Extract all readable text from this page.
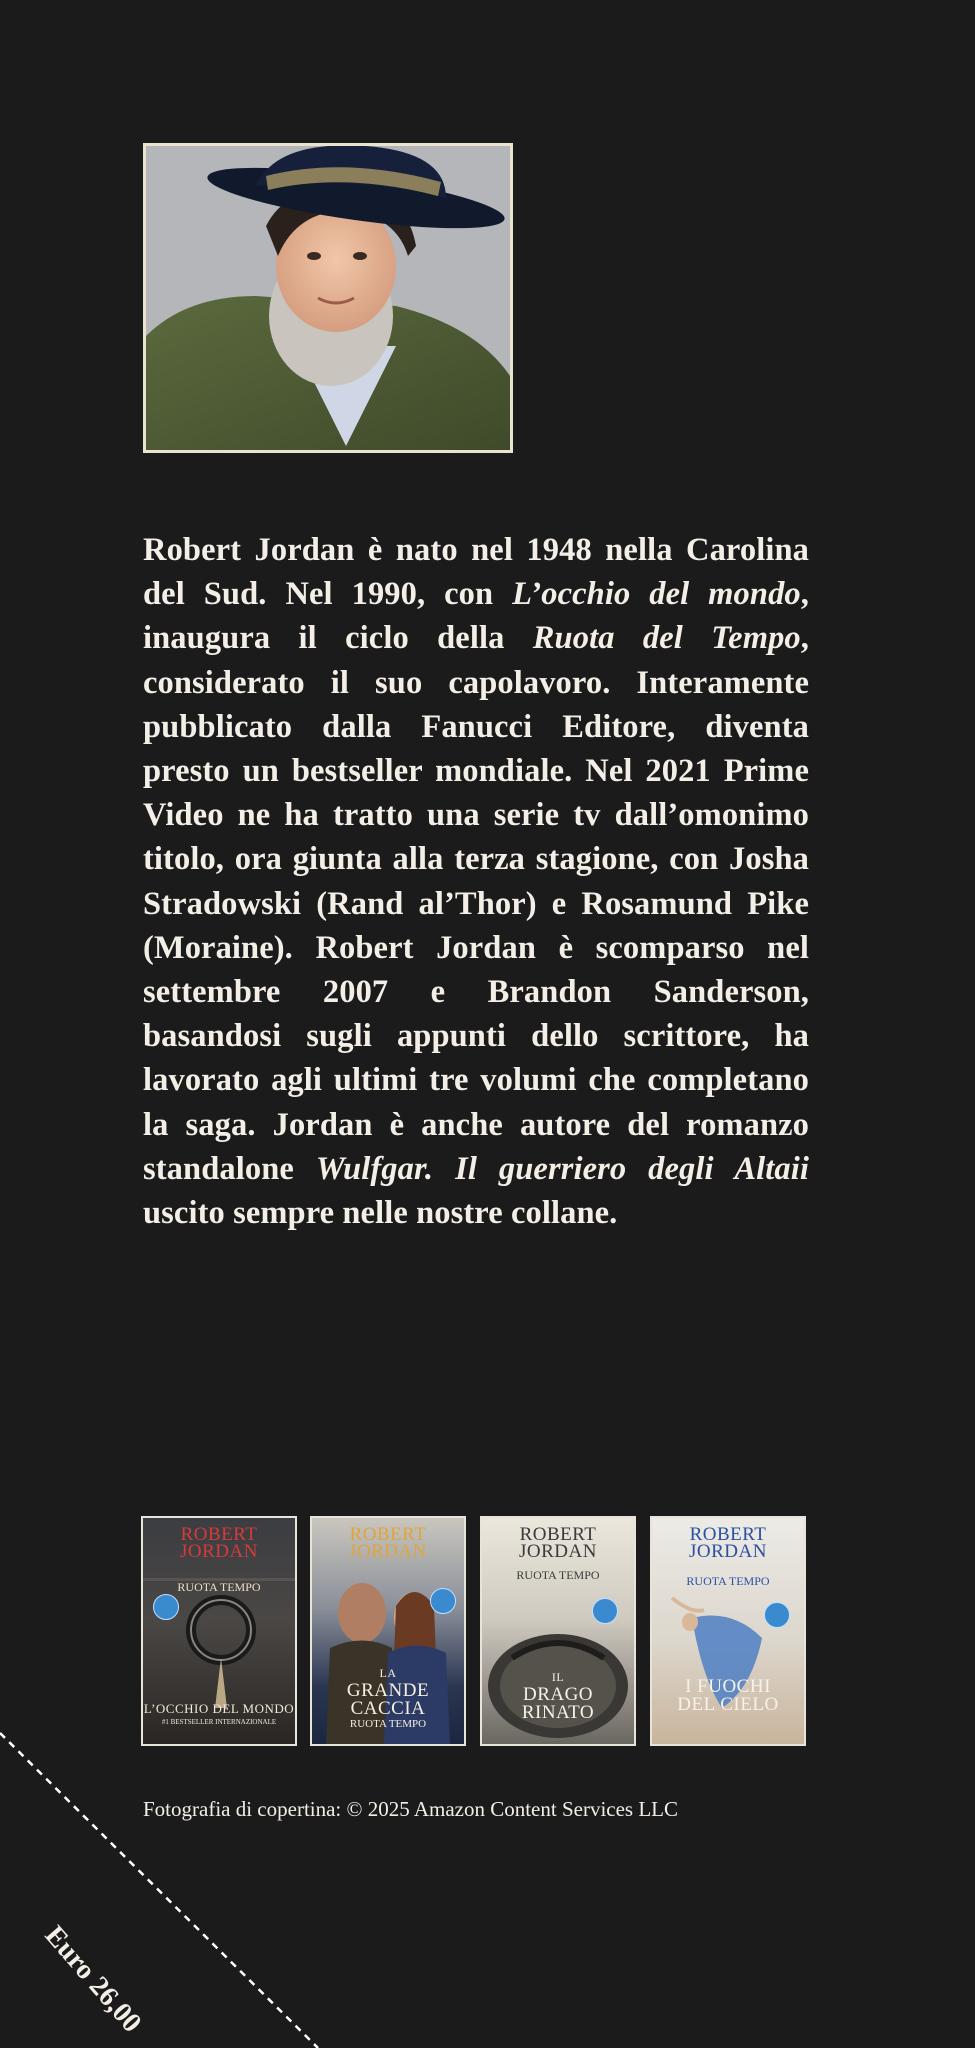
Robert Jordan è nato nel 1948 nella Carolina del Sud. Nel 1990, con L’occhio del mondo, inaugura il ciclo della Ruota del Tempo, considerato il suo capolavoro. Interamente pubblicato dalla Fanucci Editore, diventa presto un bestseller mondiale. Nel 2021 Prime Video ne ha tratto una serie tv dall’omonimo titolo, ora giunta alla terza stagione, con Josha Stradowski (Rand al’Thor) e Rosamund Pike (Moraine). Robert Jordan è scomparso nel settembre 2007 e Brandon Sanderson, basandosi sugli appunti dello scrittore, ha lavorato agli ultimi tre volumi che completano la saga. Jordan è anche autore del romanzo standalone Wulfgar. Il guerriero degli Altaii uscito sempre nelle nostre collane.
ROBERT
JORDAN
RUOTA TEMPO
L’OCCHIO DEL MONDO
#1 BESTSELLER INTERNAZIONALE
ROBERT
JORDAN
LA
GRANDE
CACCIA
RUOTA TEMPO
ROBERT
JORDAN
RUOTA TEMPO
IL
DRAGO
RINATO
ROBERT
JORDAN
RUOTA TEMPO
I FUOCHI
DEL CIELO
Fotografia di copertina: © 2025 Amazon Content Services LLC
Euro 26,00
